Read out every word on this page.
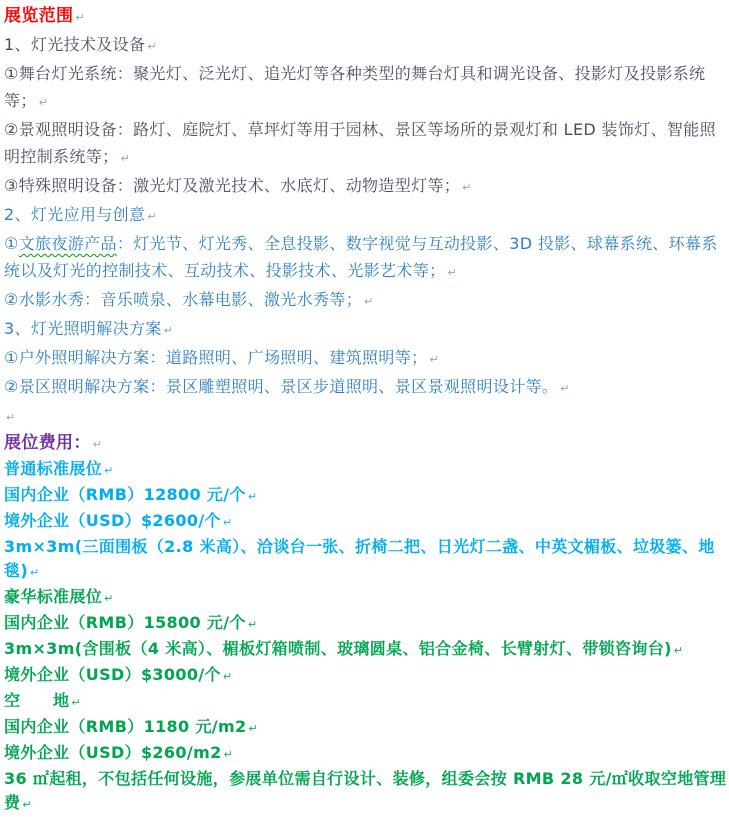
展览范围 ↵
1、灯光技术及设备 ↵
①舞台灯光系统：聚光灯、泛光灯、追光灯等各种类型的舞台灯具和调光设备、投影灯及投影系统等； ↵
②景观照明设备：路灯、庭院灯、草坪灯等用于园林、景区等场所的景观灯和 LED 装饰灯、智能照明控制系统等； ↵
③特殊照明设备：激光灯及激光技术、水底灯、动物造型灯等； ↵
2、灯光应用与创意 ↵
①文旅夜游产品：灯光节、灯光秀、全息投影、数字视觉与互动投影、3D 投影、球幕系统、环幕系统以及灯光的控制技术、互动技术、投影技术、光影艺术等； ↵
②水影水秀：音乐喷泉、水幕电影、激光水秀等； ↵
3、灯光照明解决方案 ↵
①户外照明解决方案：道路照明、广场照明、建筑照明等； ↵
②景区照明解决方案：景区雕塑照明、景区步道照明、景区景观照明设计等。 ↵
↵
展位费用： ↵
普通标准展位 ↵
国内企业（RMB）12800 元/个 ↵
境外企业（USD）$2600/个 ↵
3m×3m(三面围板（2.8 米高）、洽谈台一张、折椅二把、日光灯二盏、中英文楣板、垃圾篓、地毯) ↵
豪华标准展位 ↵
国内企业（RMB）15800 元/个 ↵
3m×3m(含围板（4 米高）、楣板灯箱喷制、玻璃圆桌、铝合金椅、长臂射灯、带锁咨询台) ↵
境外企业（USD）$3000/个 ↵
空　　地 ↵
国内企业（RMB）1180 元/m2 ↵
境外企业（USD）$260/m2 ↵
36 ㎡起租，不包括任何设施，参展单位需自行设计、装修，组委会按 RMB 28 元/㎡收取空地管理费 ↵
